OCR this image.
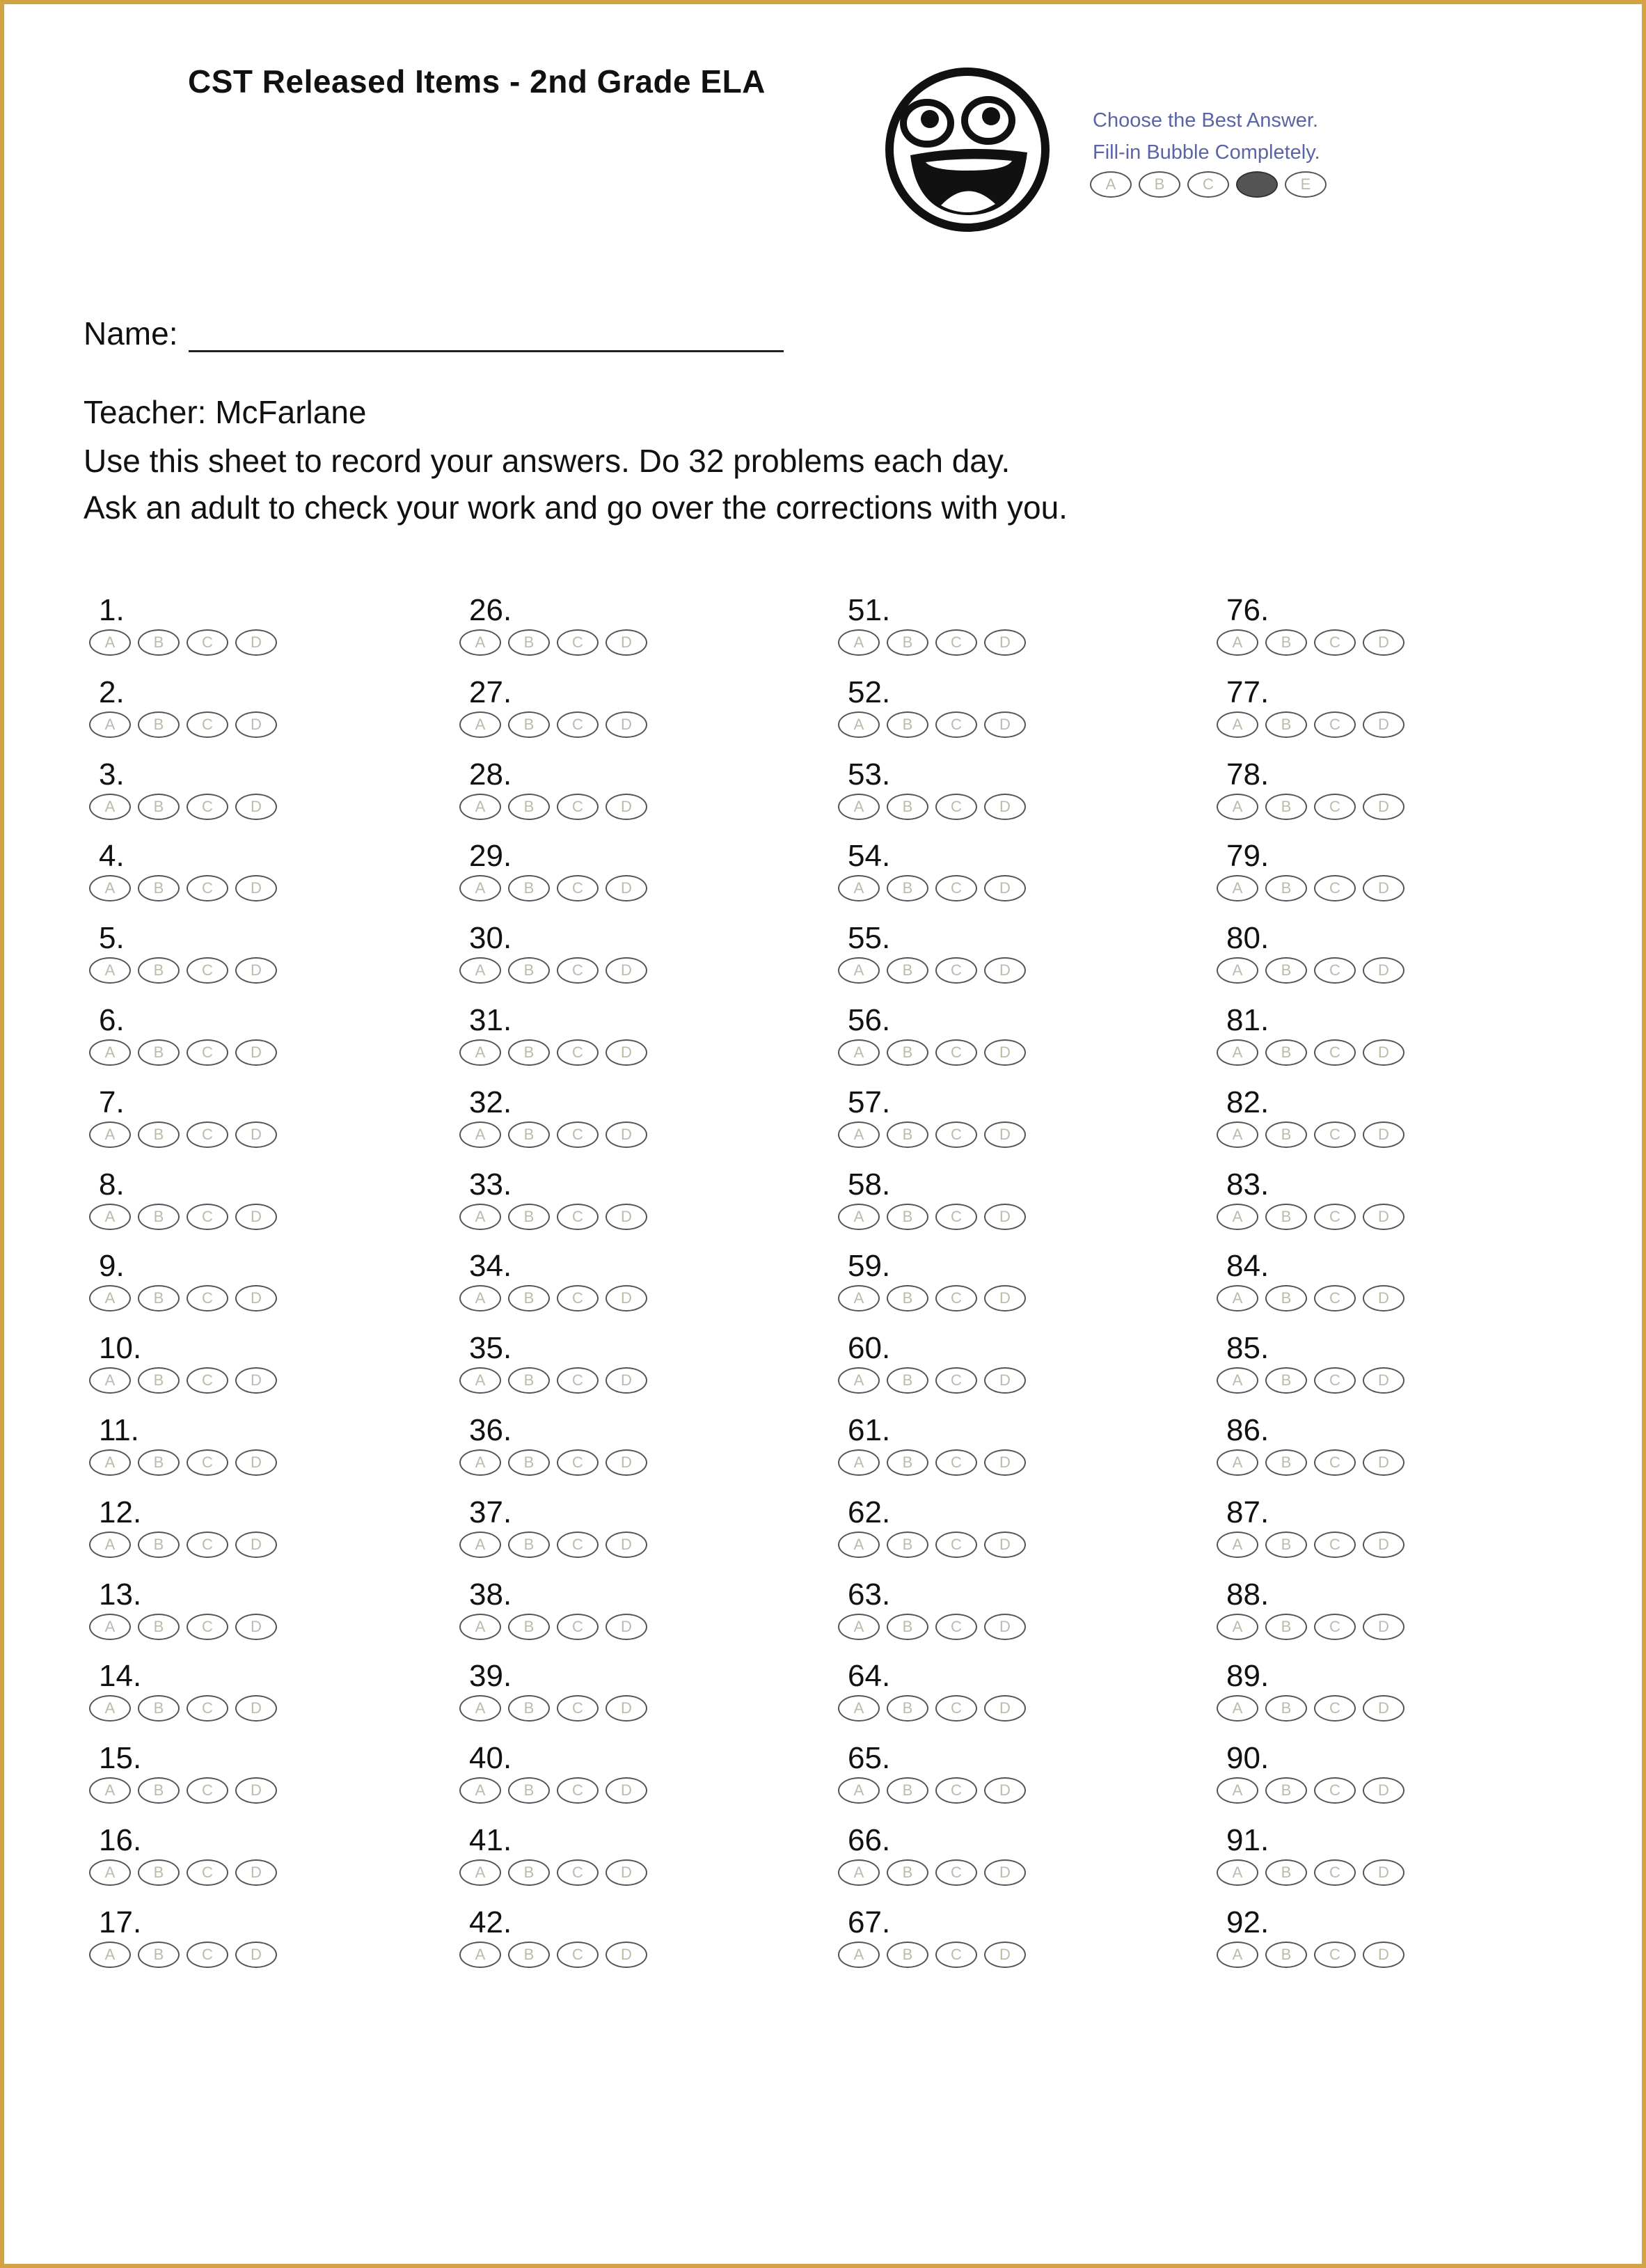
CST Released Items - 2nd Grade ELA
Choose the Best Answer.
Fill-in Bubble Completely.
A	B	C	E
Name:
Teacher: McFarlane
Use this sheet to record your answers. Do 32 problems each day.
Ask an adult to check your work and go over the corrections with you.
1.
A	B	C	D
2.
A	B	C	D
3.
A	B	C	D
4.
A	B	C	D
5.
A	B	C	D
6.
A	B	C	D
7.
A	B	C	D
8.
A	B	C	D
9.
A	B	C	D
10.
A	B	C	D
11.
A	B	C	D
12.
A	B	C	D
13.
A	B	C	D
14.
A	B	C	D
15.
A	B	C	D
16.
A	B	C	D
17.
A	B	C	D
26.
A	B	C	D
27.
A	B	C	D
28.
A	B	C	D
29.
A	B	C	D
30.
A	B	C	D
31.
A	B	C	D
32.
A	B	C	D
33.
A	B	C	D
34.
A	B	C	D
35.
A	B	C	D
36.
A	B	C	D
37.
A	B	C	D
38.
A	B	C	D
39.
A	B	C	D
40.
A	B	C	D
41.
A	B	C	D
42.
A	B	C	D
51.
A	B	C	D
52.
A	B	C	D
53.
A	B	C	D
54.
A	B	C	D
55.
A	B	C	D
56.
A	B	C	D
57.
A	B	C	D
58.
A	B	C	D
59.
A	B	C	D
60.
A	B	C	D
61.
A	B	C	D
62.
A	B	C	D
63.
A	B	C	D
64.
A	B	C	D
65.
A	B	C	D
66.
A	B	C	D
67.
A	B	C	D
76.
A	B	C	D
77.
A	B	C	D
78.
A	B	C	D
79.
A	B	C	D
80.
A	B	C	D
81.
A	B	C	D
82.
A	B	C	D
83.
A	B	C	D
84.
A	B	C	D
85.
A	B	C	D
86.
A	B	C	D
87.
A	B	C	D
88.
A	B	C	D
89.
A	B	C	D
90.
A	B	C	D
91.
A	B	C	D
92.
A	B	C	D
